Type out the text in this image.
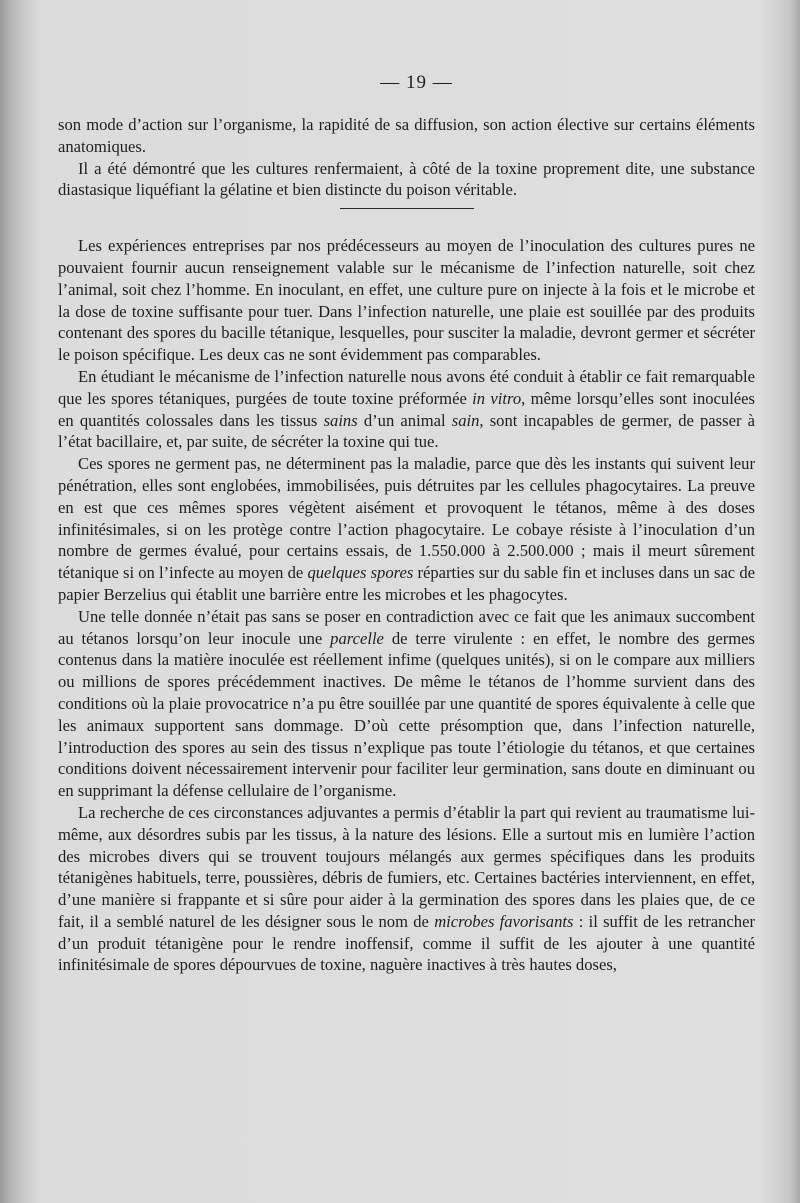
— 19 —

son mode d’action sur l’organisme, la rapidité de sa diffusion, son action élective sur certains éléments anatomiques.

Il a été démontré que les cultures renfermaient, à côté de la toxine proprement dite, une substance diastasique liquéfiant la gélatine et bien distincte du poison véritable.

Les expériences entreprises par nos prédécesseurs au moyen de l’inoculation des cultures pures ne pouvaient fournir aucun renseignement valable sur le mécanisme de l’infection naturelle, soit chez l’animal, soit chez l’homme. En inoculant, en effet, une culture pure on injecte à la fois et le microbe et la dose de toxine suffisante pour tuer. Dans l’infection naturelle, une plaie est souillée par des produits contenant des spores du bacille tétanique, lesquelles, pour susciter la maladie, devront germer et sécréter le poison spécifique. Les deux cas ne sont évidemment pas comparables.

En étudiant le mécanisme de l’infection naturelle nous avons été conduit à établir ce fait remarquable que les spores tétaniques, purgées de toute toxine préformée in vitro, même lorsqu’elles sont inoculées en quantités colossales dans les tissus sains d’un animal sain, sont incapables de germer, de passer à l’état bacillaire, et, par suite, de sécréter la toxine qui tue.

Ces spores ne germent pas, ne déterminent pas la maladie, parce que dès les instants qui suivent leur pénétration, elles sont englobées, immobilisées, puis détruites par les cellules phagocytaires. La preuve en est que ces mêmes spores végètent aisément et provoquent le tétanos, même à des doses infinitésimales, si on les protège contre l’action phagocytaire. Le cobaye résiste à l’inoculation d’un nombre de germes évalué, pour certains essais, de 1.550.000 à 2.500.000 ; mais il meurt sûrement tétanique si on l’infecte au moyen de quelques spores réparties sur du sable fin et incluses dans un sac de papier Berzelius qui établit une barrière entre les microbes et les phagocytes.

Une telle donnée n’était pas sans se poser en contradiction avec ce fait que les animaux succombent au tétanos lorsqu’on leur inocule une parcelle de terre virulente : en effet, le nombre des germes contenus dans la matière inoculée est réellement infime (quelques unités), si on le compare aux milliers ou millions de spores précédemment inactives. De même le tétanos de l’homme survient dans des conditions où la plaie provocatrice n’a pu être souillée par une quantité de spores équivalente à celle que les animaux supportent sans dommage. D’où cette présomption que, dans l’infection naturelle, l’introduction des spores au sein des tissus n’explique pas toute l’étiologie du tétanos, et que certaines conditions doivent nécessairement intervenir pour faciliter leur germination, sans doute en diminuant ou en supprimant la défense cellulaire de l’organisme.

La recherche de ces circonstances adjuvantes a permis d’établir la part qui revient au traumatisme lui-même, aux désordres subis par les tissus, à la nature des lésions. Elle a surtout mis en lumière l’action des microbes divers qui se trouvent toujours mélangés aux germes spécifiques dans les produits tétanigènes habituels, terre, poussières, débris de fumiers, etc. Certaines bactéries interviennent, en effet, d’une manière si frappante et si sûre pour aider à la germination des spores dans les plaies que, de ce fait, il a semblé naturel de les désigner sous le nom de microbes favorisants : il suffit de les retrancher d’un produit tétanigène pour le rendre inoffensif, comme il suffit de les ajouter à une quantité infinitésimale de spores dépourvues de toxine, naguère inactives à très hautes doses,
